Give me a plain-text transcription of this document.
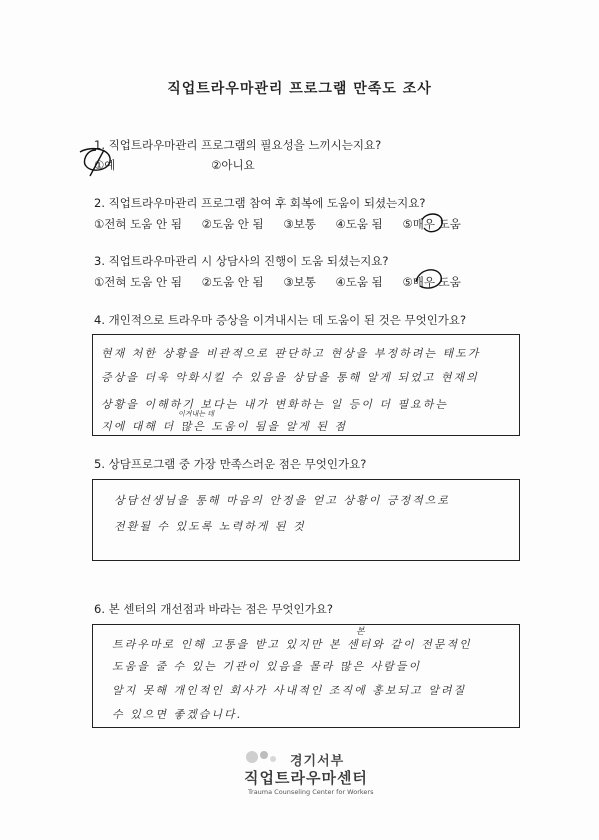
직업트라우마관리 프로그램 만족도 조사
1. 직업트라우마관리 프로그램의 필요성을 느끼시는지요?
①예	②아니요
2. 직업트라우마관리 프로그램 참여 후 회복에 도움이 되셨는지요?
①전혀 도움 안 됨 ②도움 안 됨 ③보통 ④도움 됨 ⑤매우 도움
3. 직업트라우마관리 시 상담사의 진행이 도움 되셨는지요?
①전혀 도움 안 됨 ②도움 안 됨 ③보통 ④도움 됨 ⑤매우 도움
4. 개인적으로 트라우마 증상을 이겨내시는 데 도움이 된 것은 무엇인가요?
현재 처한 상황을 비관적으로 판단하고 현상을 부정하려는 태도가
증상을 더욱 악화시킬 수 있음을 상담을 통해 알게 되었고 현재의
상황을 이해하기 보다는 내가 변화하는 일 등이 더 필요하는
지에 대해 더 많은 도움이 됨을 알게 된 점
이겨내는 데
5. 상담프로그램 중 가장 만족스러운 점은 무엇인가요?
상담선생님을 통해 마음의 안정을 얻고 상황이 긍정적으로
전환될 수 있도록 노력하게 된 것
6. 본 센터의 개선점과 바라는 점은 무엇인가요?
트라우마로 인해 고통을 받고 있지만 본 센터와 같이 전문적인
도움을 줄 수 있는 기관이 있음을 몰라 많은 사람들이
알지 못해 개인적인 회사가 사내적인 조직에 홍보되고 알려질
수 있으면 좋겠습니다.
본
경기서부
직업트라우마센터
Trauma Counseling Center for Workers
